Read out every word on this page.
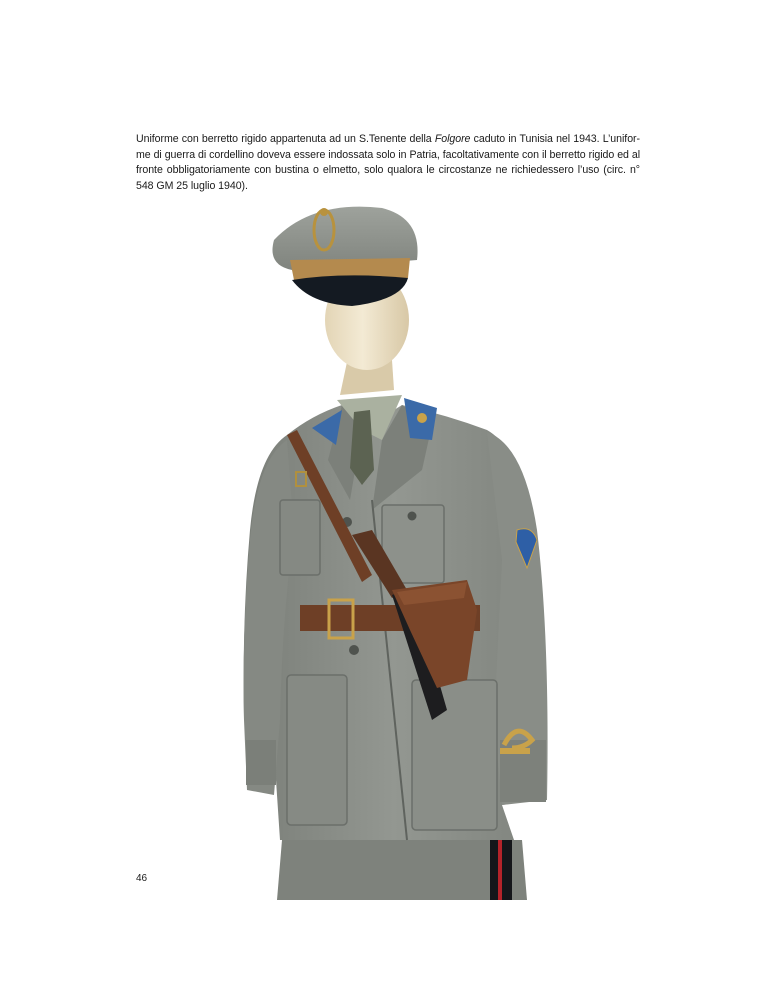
Uniforme con berretto rigido appartenuta ad un S.Tenente della Folgore caduto in Tunisia nel 1943. L’unifor-me di guerra di cordellino doveva essere indossata solo in Patria, facoltativamente con il berretto rigido ed al fronte obbligatoriamente con bustina o elmetto, solo qualora le circostanze ne richiedessero l’uso (circ. n° 548 GM 25 luglio 1940).

46
